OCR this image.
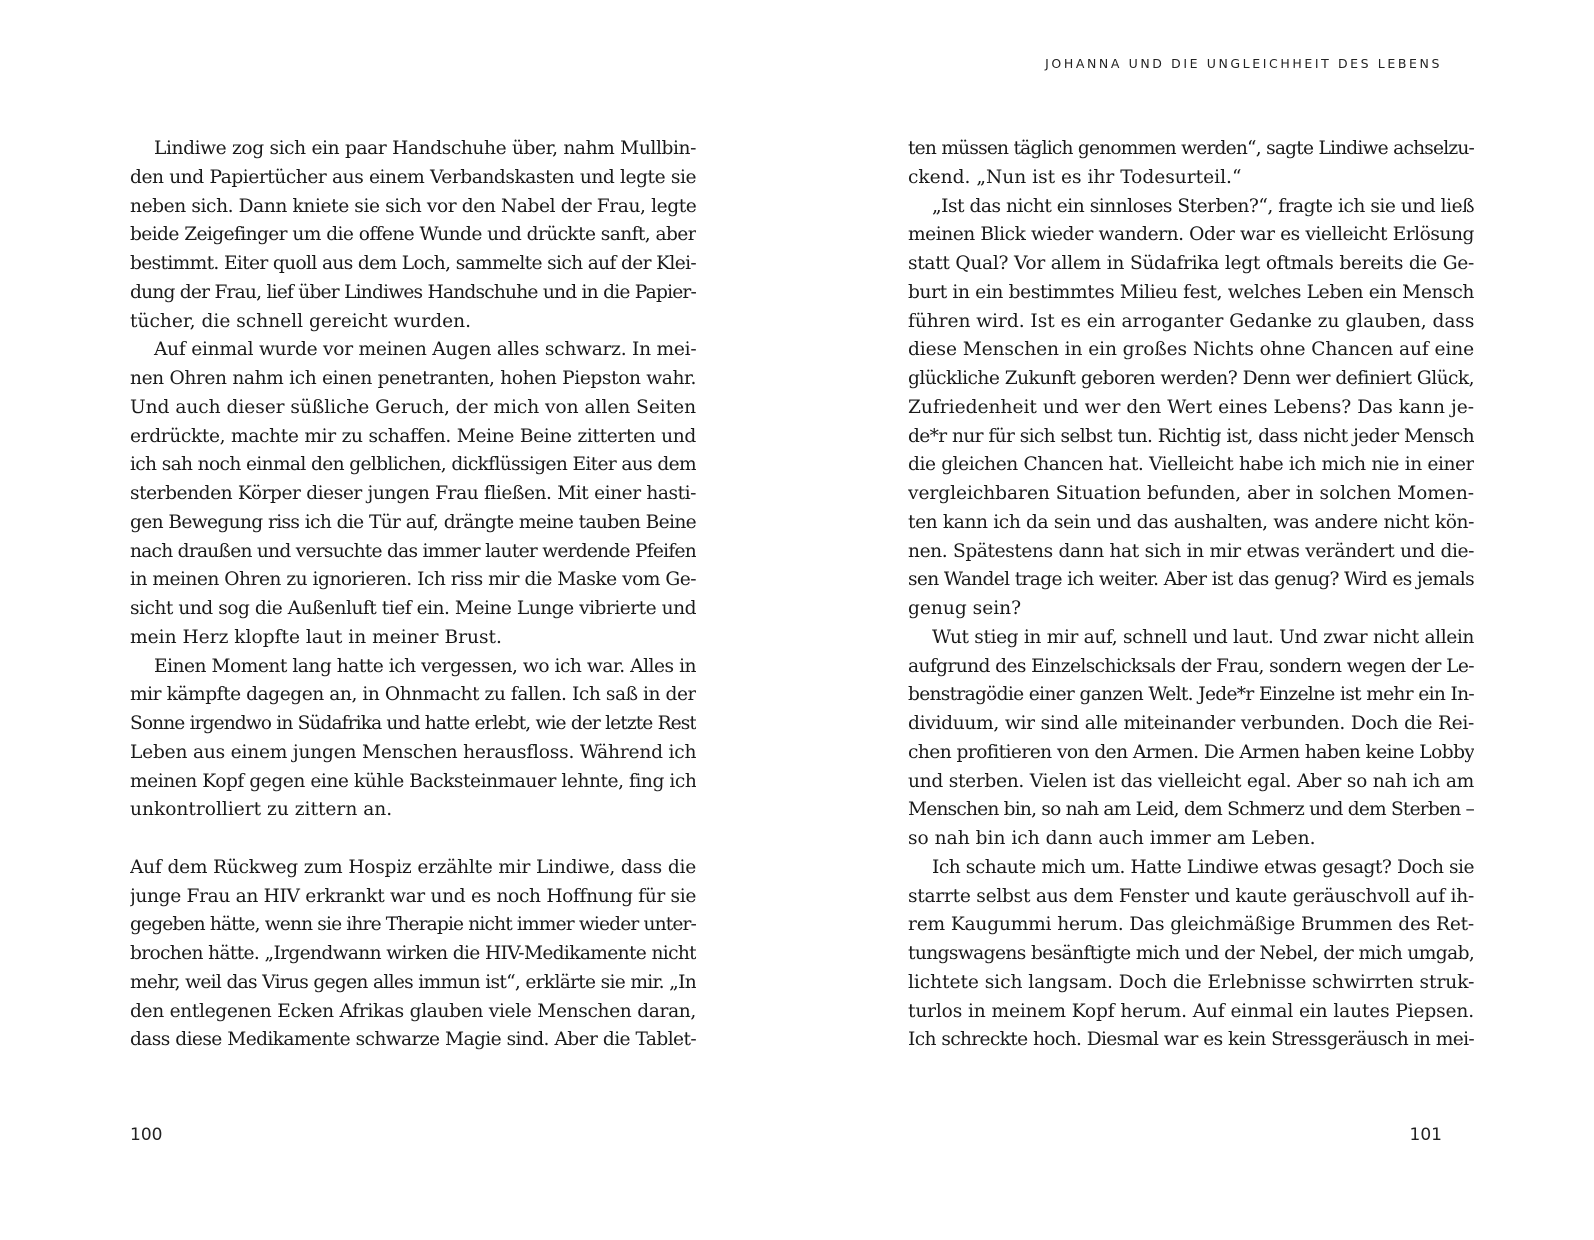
Lindiwe zog sich ein paar Handschuhe über, nahm Mullbin-
den und Papiertücher aus einem Verbandskasten und legte sie
neben sich. Dann kniete sie sich vor den Nabel der Frau, legte
beide Zeigefinger um die offene Wunde und drückte sanft, aber
bestimmt. Eiter quoll aus dem Loch, sammelte sich auf der Klei-
dung der Frau, lief über Lindiwes Handschuhe und in die Papier-
tücher, die schnell gereicht wurden.
Auf einmal wurde vor meinen Augen alles schwarz. In mei-
nen Ohren nahm ich einen penetranten, hohen Piepston wahr.
Und auch dieser süßliche Geruch, der mich von allen Seiten
erdrückte, machte mir zu schaffen. Meine Beine zitterten und
ich sah noch einmal den gelblichen, dickflüssigen Eiter aus dem
sterbenden Körper dieser jungen Frau fließen. Mit einer hasti-
gen Bewegung riss ich die Tür auf, drängte meine tauben Beine
nach draußen und versuchte das immer lauter werdende Pfeifen
in meinen Ohren zu ignorieren. Ich riss mir die Maske vom Ge-
sicht und sog die Außenluft tief ein. Meine Lunge vibrierte und
mein Herz klopfte laut in meiner Brust.
Einen Moment lang hatte ich vergessen, wo ich war. Alles in
mir kämpfte dagegen an, in Ohnmacht zu fallen. Ich saß in der
Sonne irgendwo in Südafrika und hatte erlebt, wie der letzte Rest
Leben aus einem jungen Menschen herausfloss. Während ich
meinen Kopf gegen eine kühle Backsteinmauer lehnte, fing ich
unkontrolliert zu zittern an.
Auf dem Rückweg zum Hospiz erzählte mir Lindiwe, dass die
junge Frau an HIV erkrankt war und es noch Hoffnung für sie
gegeben hätte, wenn sie ihre Therapie nicht immer wieder unter-
brochen hätte. „Irgendwann wirken die HIV-Medikamente nicht
mehr, weil das Virus gegen alles immun ist“, erklärte sie mir. „In
den entlegenen Ecken Afrikas glauben viele Menschen daran,
dass diese Medikamente schwarze Magie sind. Aber die Tablet-
100
JOHANNA UND DIE UNGLEICHHEIT DES LEBENS
ten müssen täglich genommen werden“, sagte Lindiwe achselzu-
ckend. „Nun ist es ihr Todesurteil.“
„Ist das nicht ein sinnloses Sterben?“, fragte ich sie und ließ
meinen Blick wieder wandern. Oder war es vielleicht Erlösung
statt Qual? Vor allem in Südafrika legt oftmals bereits die Ge-
burt in ein bestimmtes Milieu fest, welches Leben ein Mensch
führen wird. Ist es ein arroganter Gedanke zu glauben, dass
diese Menschen in ein großes Nichts ohne Chancen auf eine
glückliche Zukunft geboren werden? Denn wer definiert Glück,
Zufriedenheit und wer den Wert eines Lebens? Das kann je-
de*r nur für sich selbst tun. Richtig ist, dass nicht jeder Mensch
die gleichen Chancen hat. Vielleicht habe ich mich nie in einer
vergleichbaren Situation befunden, aber in solchen Momen-
ten kann ich da sein und das aushalten, was andere nicht kön-
nen. Spätestens dann hat sich in mir etwas verändert und die-
sen Wandel trage ich weiter. Aber ist das genug? Wird es jemals
genug sein?
Wut stieg in mir auf, schnell und laut. Und zwar nicht allein
aufgrund des Einzelschicksals der Frau, sondern wegen der Le-
benstragödie einer ganzen Welt. Jede*r Einzelne ist mehr ein In-
dividuum, wir sind alle miteinander verbunden. Doch die Rei-
chen profitieren von den Armen. Die Armen haben keine Lobby
und sterben. Vielen ist das vielleicht egal. Aber so nah ich am
Menschen bin, so nah am Leid, dem Schmerz und dem Sterben –
so nah bin ich dann auch immer am Leben.
Ich schaute mich um. Hatte Lindiwe etwas gesagt? Doch sie
starrte selbst aus dem Fenster und kaute geräuschvoll auf ih-
rem Kaugummi herum. Das gleichmäßige Brummen des Ret-
tungswagens besänftigte mich und der Nebel, der mich umgab,
lichtete sich langsam. Doch die Erlebnisse schwirrten struk-
turlos in meinem Kopf herum. Auf einmal ein lautes Piepsen.
Ich schreckte hoch. Diesmal war es kein Stressgeräusch in mei-
101
